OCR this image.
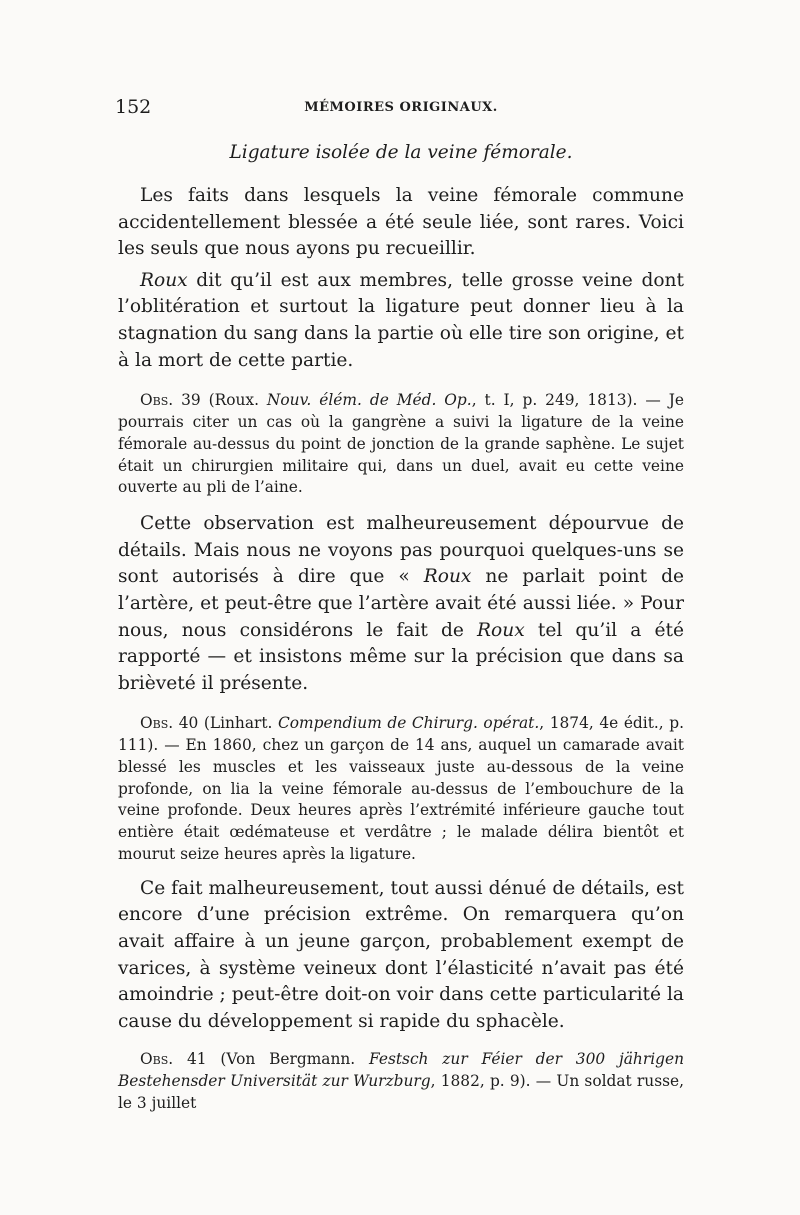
152	MÉMOIRES ORIGINAUX.
Ligature isolée de la veine fémorale.

Les faits dans lesquels la veine fémorale commune accidentellement blessée a été seule liée, sont rares. Voici les seuls que nous ayons pu recueillir.

Roux dit qu’il est aux membres, telle grosse veine dont l’oblitération et surtout la ligature peut donner lieu à la stagnation du sang dans la partie où elle tire son origine, et à la mort de cette partie.

Obs. 39 (Roux. Nouv. élém. de Méd. Op., t. I, p. 249, 1813). — Je pourrais citer un cas où la gangrène a suivi la ligature de la veine fémorale au-dessus du point de jonction de la grande saphène. Le sujet était un chirurgien militaire qui, dans un duel, avait eu cette veine ouverte au pli de l’aine.

Cette observation est malheureusement dépourvue de détails. Mais nous ne voyons pas pourquoi quelques-uns se sont autorisés à dire que « Roux ne parlait point de l’artère, et peut-être que l’artère avait été aussi liée. » Pour nous, nous considérons le fait de Roux tel qu’il a été rapporté — et insistons même sur la précision que dans sa brièveté il présente.

Obs. 40 (Linhart. Compendium de Chirurg. opérat., 1874, 4e édit., p. 111). — En 1860, chez un garçon de 14 ans, auquel un camarade avait blessé les muscles et les vaisseaux juste au-dessous de la veine profonde, on lia la veine fémorale au-dessus de l’embouchure de la veine profonde. Deux heures après l’extrémité inférieure gauche tout entière était œdémateuse et verdâtre ; le malade délira bientôt et mourut seize heures après la ligature.

Ce fait malheureusement, tout aussi dénué de détails, est encore d’une précision extrême. On remarquera qu’on avait affaire à un jeune garçon, probablement exempt de varices, à système veineux dont l’élasticité n’avait pas été amoindrie ; peut-être doit-on voir dans cette particularité la cause du développement si rapide du sphacèle.

Obs. 41 (Von Bergmann. Festsch zur Féier der 300 jährigen Bestehensder Universität zur Wurzburg, 1882, p. 9). — Un soldat russe, le 3 juillet
